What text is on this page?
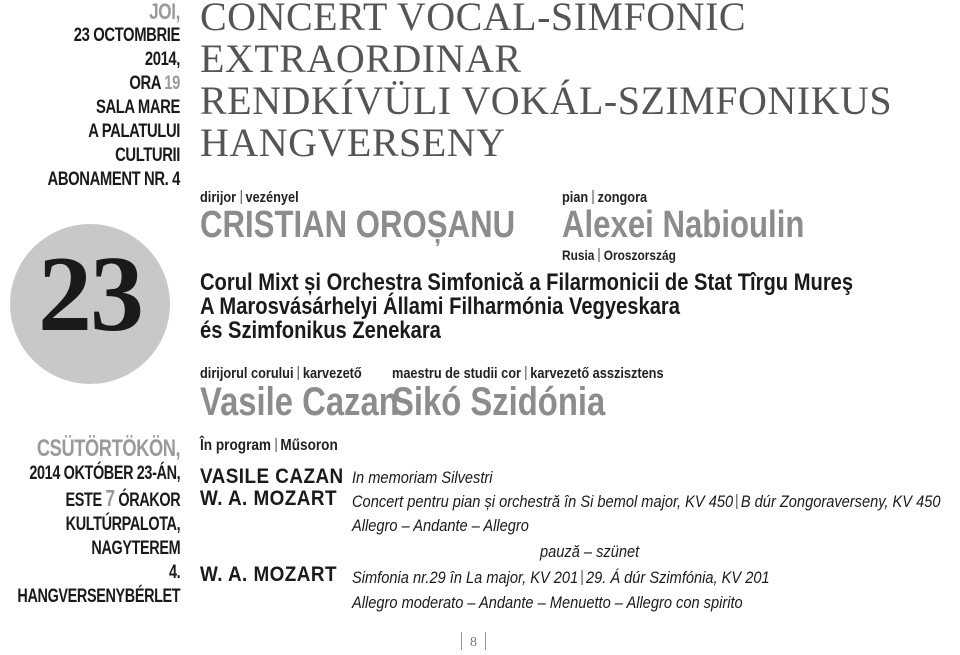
JOI,
23 OCTOMBRIE 2014,
ORA 19
SALA MARE
A PALATULUI CULTURII
ABONAMENT NR. 4
23
CSÜTÖRTÖKÖN,
2014 OKTÓBER 23-ÁN,
ESTE 7 ÓRAKOR
KULTÚRPALOTA,
NAGYTEREM
4. HANGVERSENYBÉRLET
CONCERT VOCAL-SIMFONIC
EXTRAORDINAR
RENDKÍVÜLI VOKÁL-SZIMFONIKUS
HANGVERSENY
dirijor vezényel
CRISTIAN OROȘANU
pian zongora
Alexei Nabioulin
Rusia Oroszország
Corul Mixt și Orchestra Simfonică a Filarmonicii de Stat Tîrgu Mureş
A Marosvásárhelyi Állami Filharmónia Vegyeskara
és Szimfonikus Zenekara
dirijorul corului karvezető
Vasile Cazan
maestru de studii cor karvezető asszisztens
Sikó Szidónia
În program Műsoron
VASILE CAZAN
W. A. MOZART
W. A. MOZART
In memoriam Silvestri
Concert pentru pian și orchestră în Si bemol major, KV 450 B dúr Zongoraverseny, KV 450
Allegro – Andante – Allegro
pauză – szünet
Simfonia nr.29 în La major, KV 201 29. Á dúr Szimfónia, KV 201
Allegro moderato – Andante – Menuetto – Allegro con spirito
8
